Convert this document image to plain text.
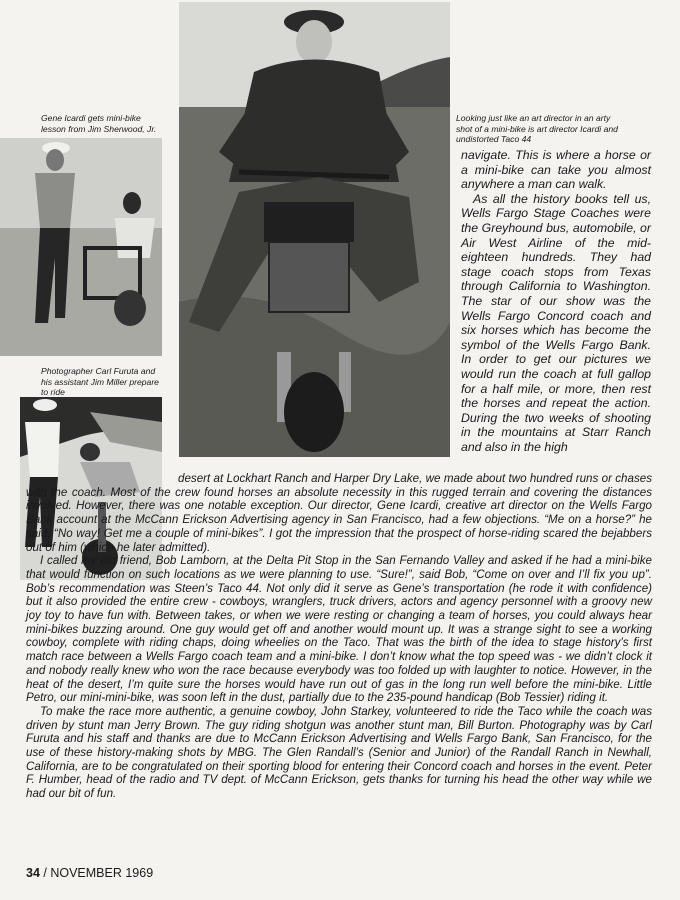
Gene Icardi gets mini-bike lesson from Jim Sherwood, Jr.
Looking just like an art director in an arty shot of a mini-bike is art director Icardi and undistorted Taco 44
Photographer Carl Furuta and his assistant Jim Miller prepare to ride

navigate. This is where a horse or a mini-bike can take you almost anywhere a man can walk.

As all the history books tell us, Wells Fargo Stage Coaches were the Greyhound bus, automobile, or Air West Airline of the mid-eighteen hundreds. They had stage coach stops from Texas through California to Washington. The star of our show was the Wells Fargo Concord coach and six horses which has become the symbol of the Wells Fargo Bank. In order to get our pictures we would run the coach at full gallop for a half mile, or more, then rest the horses and repeat the action. During the two weeks of shooting in the mountains at Starr Ranch and also in the high

desert at Lockhart Ranch and Harper Dry Lake, we made about two hundred runs or chases with the coach. Most of the crew found horses an absolute necessity in this rugged terrain and covering the distances involved. However, there was one notable exception. Our director, Gene Icardi, creative art director on the Wells Fargo Bank account at the McCann Erickson Advertising agency in San Francisco, had a few objections. “Me on a horse?” he said, “No way! Get me a couple of mini-bikes”. I got the impression that the prospect of horse-riding scared the bejabbers out of him (which he later admitted).

I called my old friend, Bob Lamborn, at the Delta Pit Stop in the San Fernando Valley and asked if he had a mini-bike that would function on such locations as we were planning to use. “Sure!”, said Bob, “Come on over and I’ll fix you up”. Bob’s recommendation was Steen’s Taco 44. Not only did it serve as Gene’s transportation (he rode it with confidence) but it also provided the entire crew - cowboys, wranglers, truck drivers, actors and agency personnel with a groovy new joy toy to have fun with. Between takes, or when we were resting or changing a team of horses, you could always hear mini-bikes buzzing around. One guy would get off and another would mount up. It was a strange sight to see a working cowboy, complete with riding chaps, doing wheelies on the Taco. That was the birth of the idea to stage history’s first match race between a Wells Fargo coach team and a mini-bike. I don’t know what the top speed was - we didn’t clock it and nobody really knew who won the race because everybody was too folded up with laughter to notice. However, in the heat of the desert, I’m quite sure the horses would have run out of gas in the long run well before the mini-bike. Little Petro, our mini-mini-bike, was soon left in the dust, partially due to the 235-pound handicap (Bob Tessier) riding it.

To make the race more authentic, a genuine cowboy, John Starkey, volunteered to ride the Taco while the coach was driven by stunt man Jerry Brown. The guy riding shotgun was another stunt man, Bill Burton. Photography was by Carl Furuta and his staff and thanks are due to McCann Erickson Advertising and Wells Fargo Bank, San Francisco, for the use of these history-making shots by MBG. The Glen Randall’s (Senior and Junior) of the Randall Ranch in Newhall, California, are to be congratulated on their sporting blood for entering their Concord coach and horses in the event. Peter F. Humber, head of the radio and TV dept. of McCann Erickson, gets thanks for turning his head the other way while we had our bit of fun.

34 / NOVEMBER 1969
